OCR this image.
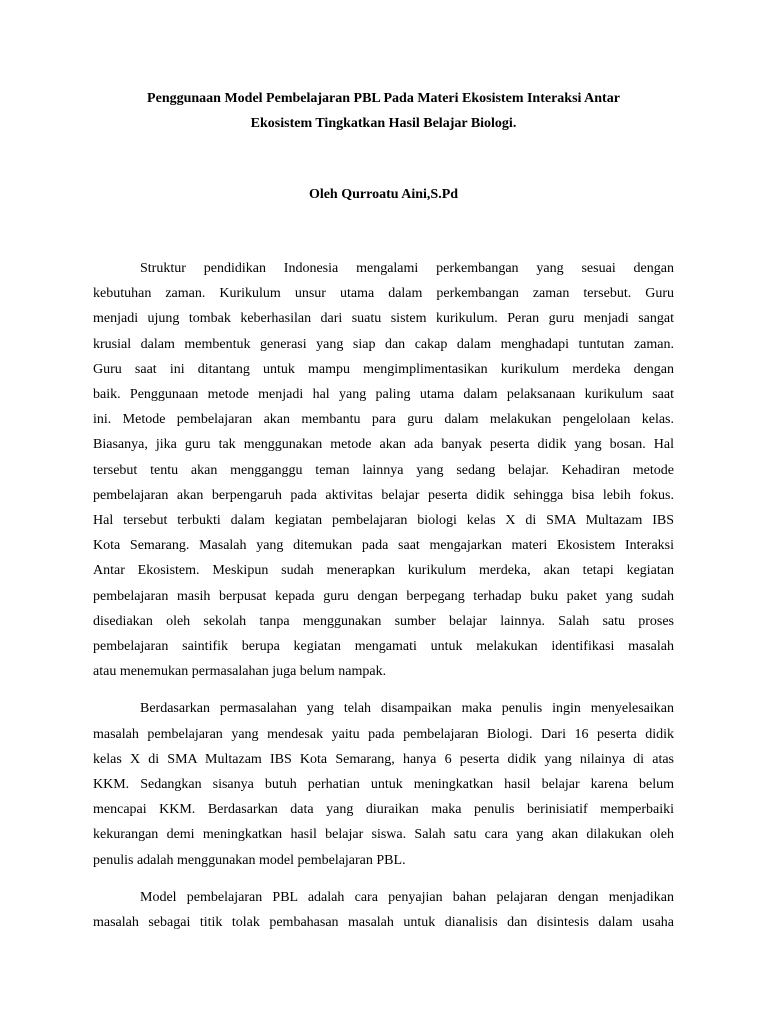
Penggunaan Model Pembelajaran PBL Pada Materi Ekosistem Interaksi Antar
Ekosistem Tingkatkan Hasil Belajar Biologi.

Oleh Qurroatu Aini,S.Pd

Struktur pendidikan Indonesia mengalami perkembangan yang sesuai dengan
kebutuhan zaman. Kurikulum unsur utama dalam perkembangan zaman tersebut. Guru
menjadi ujung tombak keberhasilan dari suatu sistem kurikulum. Peran guru menjadi sangat
krusial dalam membentuk generasi yang siap dan cakap dalam menghadapi tuntutan zaman.
Guru saat ini ditantang untuk mampu mengimplimentasikan kurikulum merdeka dengan
baik. Penggunaan metode menjadi hal yang paling utama dalam pelaksanaan kurikulum saat
ini. Metode pembelajaran akan membantu para guru dalam melakukan pengelolaan kelas.
Biasanya, jika guru tak menggunakan metode akan ada banyak peserta didik yang bosan. Hal
tersebut tentu akan mengganggu teman lainnya yang sedang belajar. Kehadiran metode
pembelajaran akan berpengaruh pada aktivitas belajar peserta didik sehingga bisa lebih fokus.
Hal tersebut terbukti dalam kegiatan pembelajaran biologi kelas X di SMA Multazam IBS
Kota Semarang. Masalah yang ditemukan pada saat mengajarkan materi Ekosistem Interaksi
Antar Ekosistem. Meskipun sudah menerapkan kurikulum merdeka, akan tetapi kegiatan
pembelajaran masih berpusat kepada guru dengan berpegang terhadap buku paket yang sudah
disediakan oleh sekolah tanpa menggunakan sumber belajar lainnya. Salah satu proses
pembelajaran saintifik berupa kegiatan mengamati untuk melakukan identifikasi masalah
atau menemukan permasalahan juga belum nampak.

Berdasarkan permasalahan yang telah disampaikan maka penulis ingin menyelesaikan
masalah pembelajaran yang mendesak yaitu pada pembelajaran Biologi. Dari 16 peserta didik
kelas X di SMA Multazam IBS Kota Semarang, hanya 6 peserta didik yang nilainya di atas
KKM. Sedangkan sisanya butuh perhatian untuk meningkatkan hasil belajar karena belum
mencapai KKM. Berdasarkan data yang diuraikan maka penulis berinisiatif memperbaiki
kekurangan demi meningkatkan hasil belajar siswa. Salah satu cara yang akan dilakukan oleh
penulis adalah menggunakan model pembelajaran PBL.

Model pembelajaran PBL adalah cara penyajian bahan pelajaran dengan menjadikan
masalah sebagai titik tolak pembahasan masalah untuk dianalisis dan disintesis dalam usaha
